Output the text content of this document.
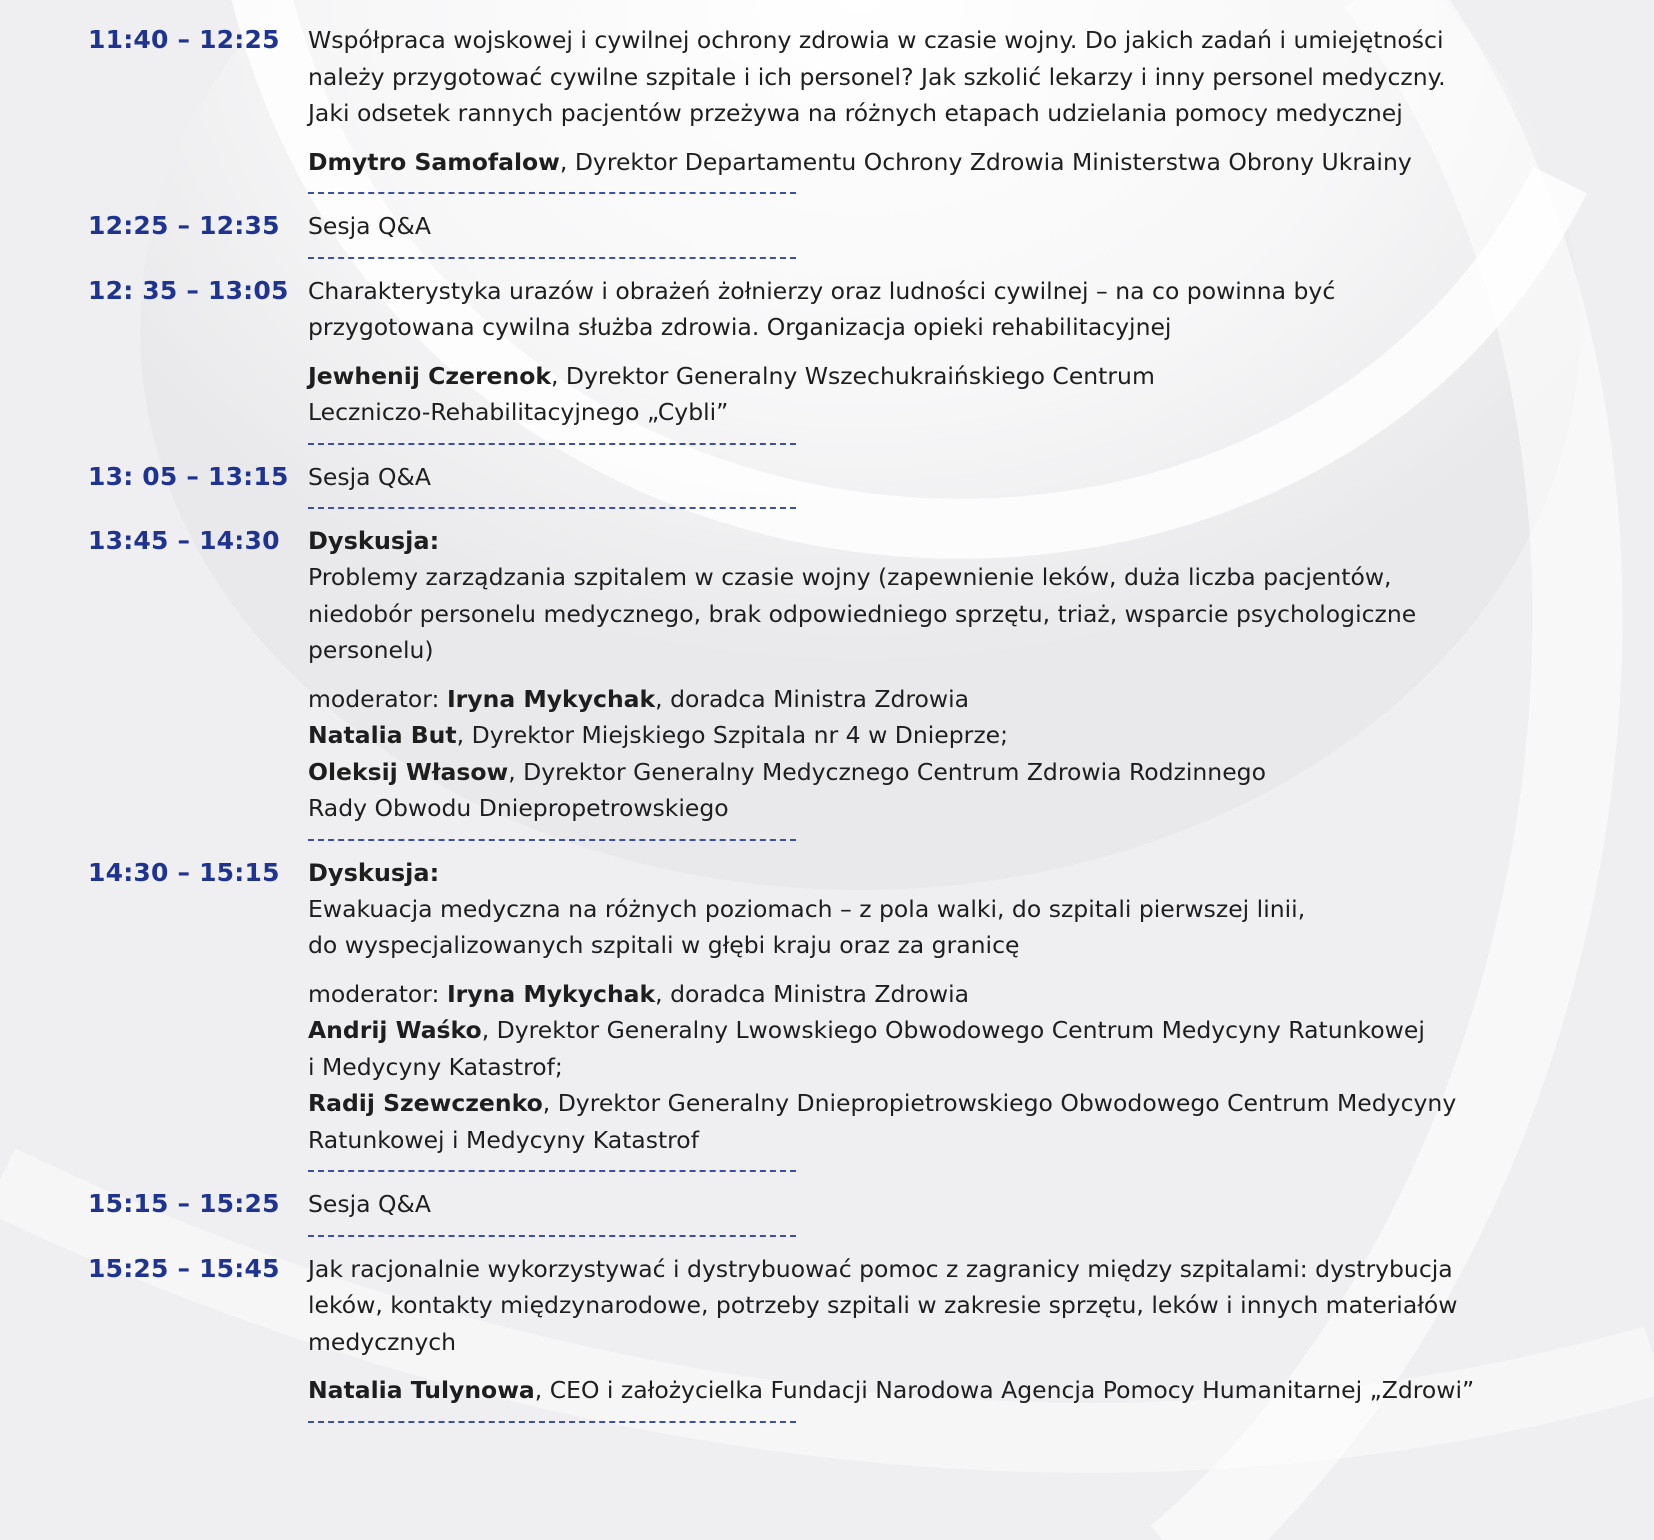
11:40 – 12:25	Współpraca wojskowej i cywilnej ochrony zdrowia w czasie wojny. Do jakich zadań i umiejętności
należy przygotować cywilne szpitale i ich personel? Jak szkolić lekarzy i inny personel medyczny.
Jaki odsetek rannych pacjentów przeżywa na różnych etapach udzielania pomocy medycznej
Dmytro Samofalow, Dyrektor Departamentu Ochrony Zdrowia Ministerstwa Obrony Ukrainy
12:25 – 12:35	Sesja Q&A
12: 35 – 13:05 Charakterystyka urazów i obrażeń żołnierzy oraz ludności cywilnej – na co powinna być
przygotowana cywilna służba zdrowia. Organizacja opieki rehabilitacyjnej
Jewhenij Czerenok, Dyrektor Generalny Wszechukraińskiego Centrum
Leczniczo-Rehabilitacyjnego „Cybli”
13: 05 – 13:15 Sesja Q&A
13:45 – 14:30	Dyskusja:
Problemy zarządzania szpitalem w czasie wojny (zapewnienie leków, duża liczba pacjentów,
niedobór personelu medycznego, brak odpowiedniego sprzętu, triaż, wsparcie psychologiczne
personelu)
moderator: Iryna Mykychak, doradca Ministra Zdrowia
Natalia But, Dyrektor Miejskiego Szpitala nr 4 w Dnieprze;
Oleksij Własow, Dyrektor Generalny Medycznego Centrum Zdrowia Rodzinnego
Rady Obwodu Dniepropetrowskiego
14:30 – 15:15	Dyskusja:
Ewakuacja medyczna na różnych poziomach – z pola walki, do szpitali pierwszej linii,
do wyspecjalizowanych szpitali w głębi kraju oraz za granicę
moderator: Iryna Mykychak, doradca Ministra Zdrowia
Andrij Waśko, Dyrektor Generalny Lwowskiego Obwodowego Centrum Medycyny Ratunkowej
i Medycyny Katastrof;
Radij Szewczenko, Dyrektor Generalny Dniepropietrowskiego Obwodowego Centrum Medycyny
Ratunkowej i Medycyny Katastrof
15:15 – 15:25	Sesja Q&A
15:25 – 15:45	Jak racjonalnie wykorzystywać i dystrybuować pomoc z zagranicy między szpitalami: dystrybucja
leków, kontakty międzynarodowe, potrzeby szpitali w zakresie sprzętu, leków i innych materiałów
medycznych
Natalia Tulynowa, CEO i założycielka Fundacji Narodowa Agencja Pomocy Humanitarnej „Zdrowi”
